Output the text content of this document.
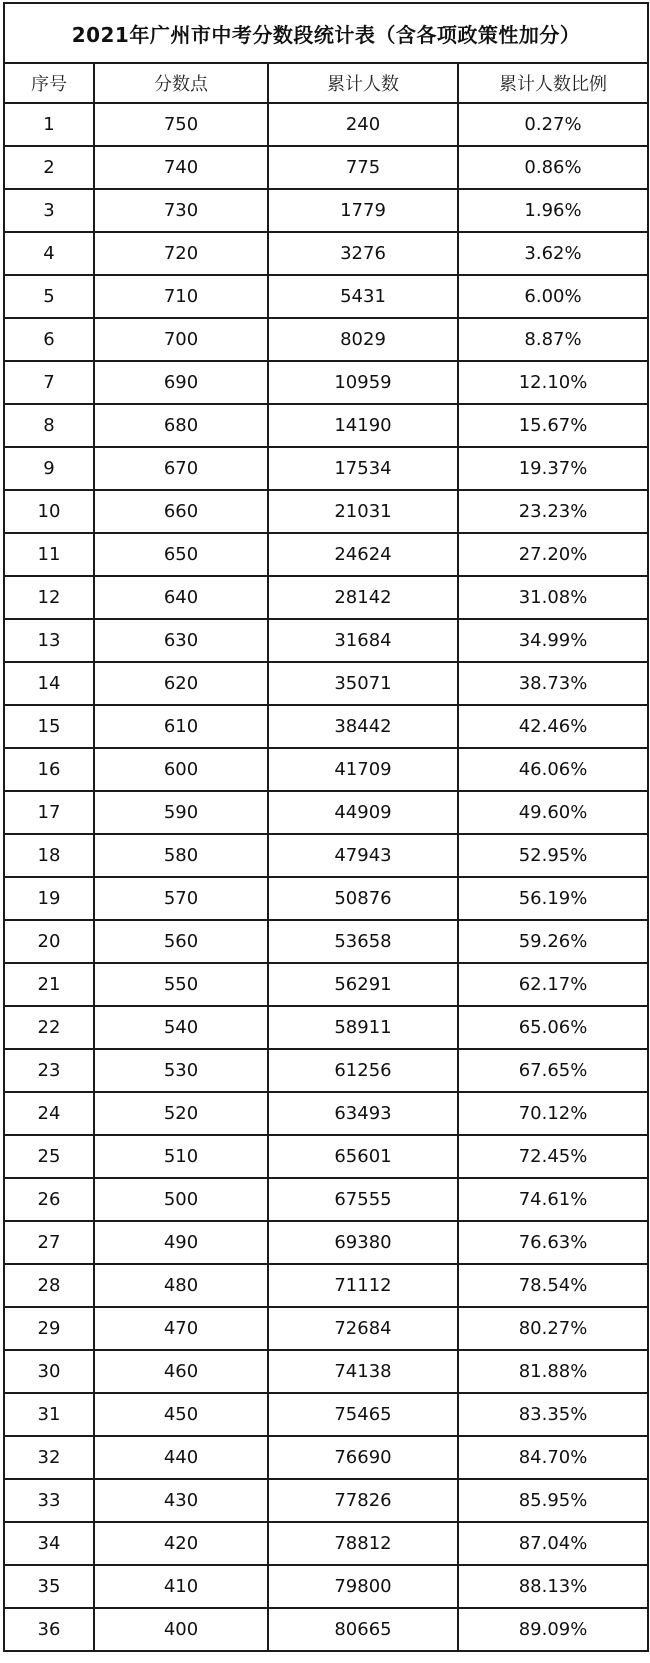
2021年广州市中考分数段统计表（含各项政策性加分）			
序号	分数点	累计人数	累计人数比例
1	750	240	0.27%
2	740	775	0.86%
3	730	1779	1.96%
4	720	3276	3.62%
5	710	5431	6.00%
6	700	8029	8.87%
7	690	10959	12.10%
8	680	14190	15.67%
9	670	17534	19.37%
10	660	21031	23.23%
11	650	24624	27.20%
12	640	28142	31.08%
13	630	31684	34.99%
14	620	35071	38.73%
15	610	38442	42.46%
16	600	41709	46.06%
17	590	44909	49.60%
18	580	47943	52.95%
19	570	50876	56.19%
20	560	53658	59.26%
21	550	56291	62.17%
22	540	58911	65.06%
23	530	61256	67.65%
24	520	63493	70.12%
25	510	65601	72.45%
26	500	67555	74.61%
27	490	69380	76.63%
28	480	71112	78.54%
29	470	72684	80.27%
30	460	74138	81.88%
31	450	75465	83.35%
32	440	76690	84.70%
33	430	77826	85.95%
34	420	78812	87.04%
35	410	79800	88.13%
36	400	80665	89.09%
